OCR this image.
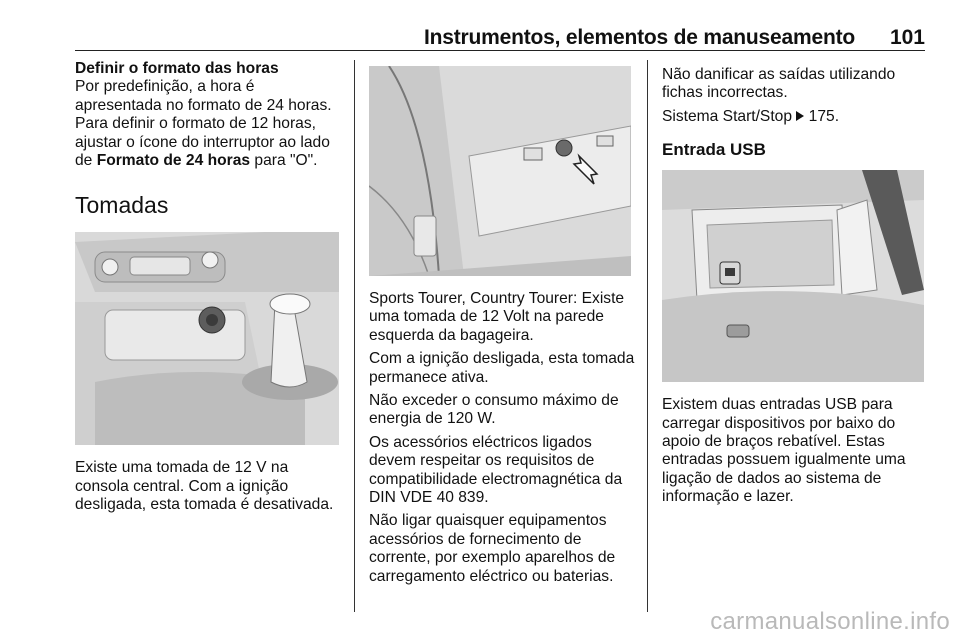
Instrumentos, elementos de manuseamento 101

Definir o formato das horas

Por predefinição, a hora é apresentada no formato de 24 horas. Para definir o formato de 12 horas, ajustar o ícone do interruptor ao lado de Formato de 24 horas para "O".

Tomadas

Existe uma tomada de 12 V na consola central. Com a ignição desligada, esta tomada é desativada.

Sports Tourer, Country Tourer: Existe uma tomada de 12 Volt na parede esquerda da bagageira.

Com a ignição desligada, esta tomada permanece ativa.

Não exceder o consumo máximo de energia de 120 W.

Os acessórios eléctricos ligados devem respeitar os requisitos de compatibilidade electromagnética da DIN VDE 40 839.

Não ligar quaisquer equipamentos acessórios de fornecimento de corrente, por exemplo aparelhos de carregamento eléctrico ou baterias.

Não danificar as saídas utilizando fichas incorrectas.

Sistema Start/Stop  175.

Entrada USB

Existem duas entradas USB para carregar dispositivos por baixo do apoio de braços rebatível. Estas entradas possuem igualmente uma ligação de dados ao sistema de informação e lazer.

carmanualsonline.info
